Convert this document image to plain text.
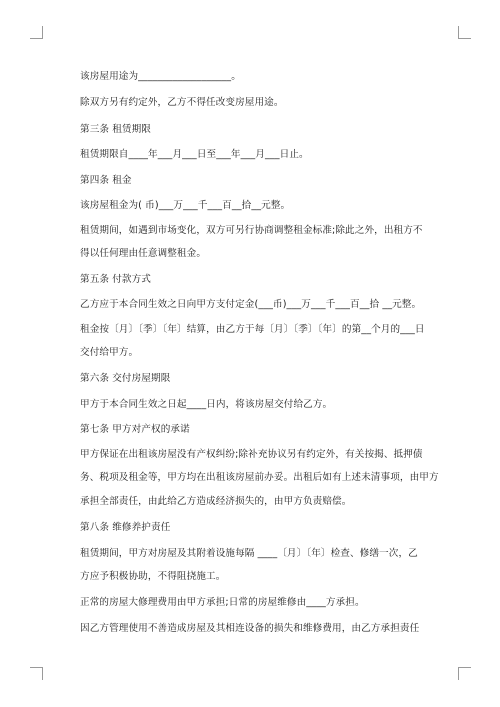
该房屋用途为___________________。
除双方另有约定外，乙方不得任改变房屋用途。
第三条 租赁期限
租赁期限自____年___月___日至___年___月___日止。
第四条 租金
该房屋租金为( 币)___万___千___百__拾__元整。
租赁期间，如遇到市场变化，双方可另行协商调整租金标准;除此之外，出租方不
得以任何理由任意调整租金。
第五条 付款方式
乙方应于本合同生效之日向甲方支付定金(___币)___万___千___百__拾 __元整。
租金按〔月〕〔季〕〔年〕结算，由乙方于每〔月〕〔季〕〔年〕的第__个月的___日
交付给甲方。
第六条 交付房屋期限
甲方于本合同生效之日起____日内，将该房屋交付给乙方。
第七条 甲方对产权的承诺
甲方保证在出租该房屋没有产权纠纷;除补充协议另有约定外，有关按揭、抵押债
务、税项及租金等，甲方均在出租该房屋前办妥。出租后如有上述未清事项，由甲方
承担全部责任，由此给乙方造成经济损失的，由甲方负责赔偿。
第八条 维修养护责任
租赁期间，甲方对房屋及其附着设施每隔 ____〔月〕〔年〕检查、修缮一次，乙
方应予积极协助，不得阻挠施工。
正常的房屋大修理费用由甲方承担;日常的房屋维修由____方承担。
因乙方管理使用不善造成房屋及其相连设备的损失和维修费用，由乙方承担责任
